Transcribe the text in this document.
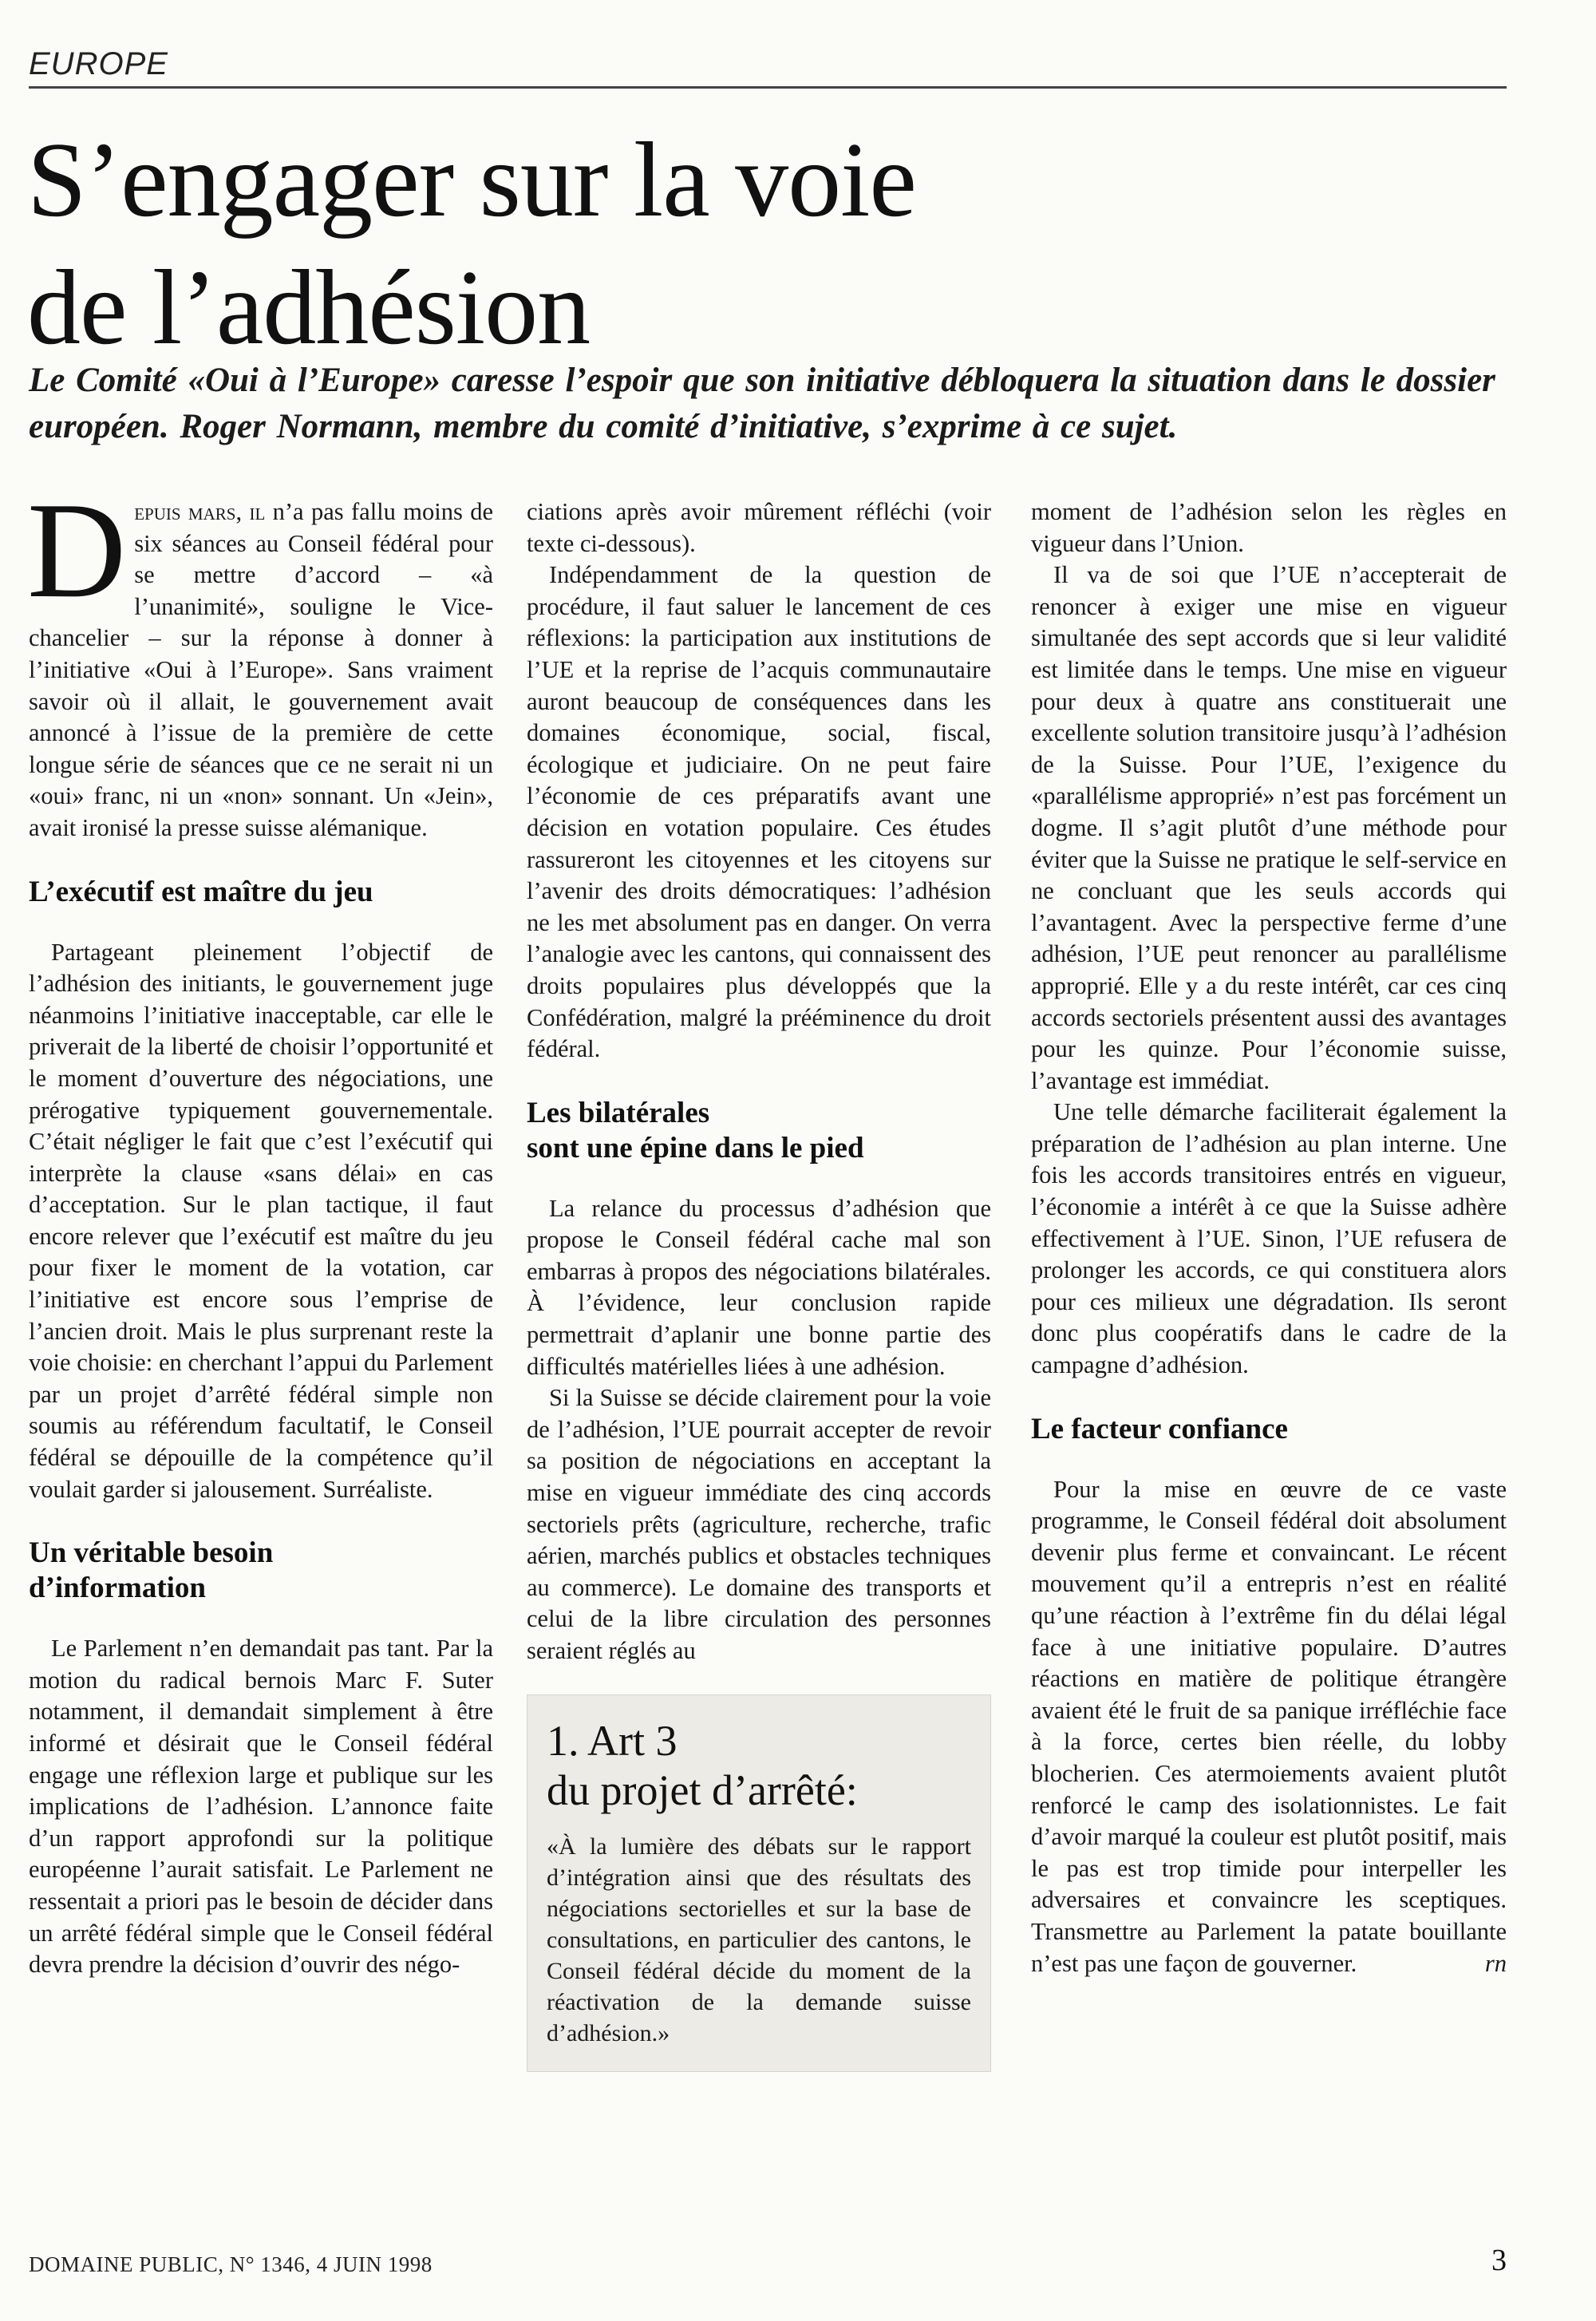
EUROPE
S’engager sur la voie
de l’adhésion

Le Comité «Oui à l’Europe» caresse l’espoir que son initiative débloquera la situation dans le dossier européen. Roger Normann, membre du comité d’initiative, s’exprime à ce sujet.

Depuis mars, il n’a pas fallu moins de six séances au Conseil fédéral pour se mettre d’accord – «à l’unanimité», souligne le Vice-chancelier – sur la réponse à donner à l’initiative «Oui à l’Europe». Sans vraiment savoir où il allait, le gouvernement avait annoncé à l’issue de la première de cette longue série de séances que ce ne serait ni un «oui» franc, ni un «non» sonnant. Un «Jein», avait ironisé la presse suisse alémanique.

L’exécutif est maître du jeu

Partageant pleinement l’objectif de l’adhésion des initiants, le gouvernement juge néanmoins l’initiative inacceptable, car elle le priverait de la liberté de choisir l’opportunité et le moment d’ouverture des négociations, une prérogative typiquement gouvernementale. C’était négliger le fait que c’est l’exécutif qui interprète la clause «sans délai» en cas d’acceptation. Sur le plan tactique, il faut encore relever que l’exécutif est maître du jeu pour fixer le moment de la votation, car l’initiative est encore sous l’emprise de l’ancien droit. Mais le plus surprenant reste la voie choisie: en cherchant l’appui du Parlement par un projet d’arrêté fédéral simple non soumis au référendum facultatif, le Conseil fédéral se dépouille de la compétence qu’il voulait garder si jalousement. Surréaliste.

Un véritable besoin
d’information

Le Parlement n’en demandait pas tant. Par la motion du radical bernois Marc F. Suter notamment, il demandait simplement à être informé et désirait que le Conseil fédéral engage une réflexion large et publique sur les implications de l’adhésion. L’annonce faite d’un rapport approfondi sur la politique européenne l’aurait satisfait. Le Parlement ne ressentait a priori pas le besoin de décider dans un arrêté fédéral simple que le Conseil fédéral devra prendre la décision d’ouvrir des négo-

ciations après avoir mûrement réfléchi (voir texte ci-dessous).

Indépendamment de la question de procédure, il faut saluer le lancement de ces réflexions: la participation aux institutions de l’UE et la reprise de l’acquis communautaire auront beaucoup de conséquences dans les domaines économique, social, fiscal, écologique et judiciaire. On ne peut faire l’économie de ces préparatifs avant une décision en votation populaire. Ces études rassureront les citoyennes et les citoyens sur l’avenir des droits démocratiques: l’adhésion ne les met absolument pas en danger. On verra l’analogie avec les cantons, qui connaissent des droits populaires plus développés que la Confédération, malgré la prééminence du droit fédéral.

Les bilatérales
sont une épine dans le pied

La relance du processus d’adhésion que propose le Conseil fédéral cache mal son embarras à propos des négociations bilatérales. À l’évidence, leur conclusion rapide permettrait d’aplanir une bonne partie des difficultés matérielles liées à une adhésion.

Si la Suisse se décide clairement pour la voie de l’adhésion, l’UE pourrait accepter de revoir sa position de négociations en acceptant la mise en vigueur immédiate des cinq accords sectoriels prêts (agriculture, recherche, trafic aérien, marchés publics et obstacles techniques au commerce). Le domaine des transports et celui de la libre circulation des personnes seraient réglés au

1. Art 3
du projet d’arrêté:
«À la lumière des débats sur le rapport d’intégration ainsi que des résultats des négociations sectorielles et sur la base de consultations, en particulier des cantons, le Conseil fédéral décide du moment de la réactivation de la demande suisse d’adhésion.»

moment de l’adhésion selon les règles en vigueur dans l’Union.

Il va de soi que l’UE n’accepterait de renoncer à exiger une mise en vigueur simultanée des sept accords que si leur validité est limitée dans le temps. Une mise en vigueur pour deux à quatre ans constituerait une excellente solution transitoire jusqu’à l’adhésion de la Suisse. Pour l’UE, l’exigence du «parallélisme approprié» n’est pas forcément un dogme. Il s’agit plutôt d’une méthode pour éviter que la Suisse ne pratique le self-service en ne concluant que les seuls accords qui l’avantagent. Avec la perspective ferme d’une adhésion, l’UE peut renoncer au parallélisme approprié. Elle y a du reste intérêt, car ces cinq accords sectoriels présentent aussi des avantages pour les quinze. Pour l’économie suisse, l’avantage est immédiat.

Une telle démarche faciliterait également la préparation de l’adhésion au plan interne. Une fois les accords transitoires entrés en vigueur, l’économie a intérêt à ce que la Suisse adhère effectivement à l’UE. Sinon, l’UE refusera de prolonger les accords, ce qui constituera alors pour ces milieux une dégradation. Ils seront donc plus coopératifs dans le cadre de la campagne d’adhésion.

Le facteur confiance

Pour la mise en œuvre de ce vaste programme, le Conseil fédéral doit absolument devenir plus ferme et convaincant. Le récent mouvement qu’il a entrepris n’est en réalité qu’une réaction à l’extrême fin du délai légal face à une initiative populaire. D’autres réactions en matière de politique étrangère avaient été le fruit de sa panique irréfléchie face à la force, certes bien réelle, du lobby blocherien. Ces atermoiements avaient plutôt renforcé le camp des isolationnistes. Le fait d’avoir marqué la couleur est plutôt positif, mais le pas est trop timide pour interpeller les adversaires et convaincre les sceptiques. Transmettre au Parlement la patate bouillante n’est pas une façon de gouverner.	rn

DOMAINE PUBLIC, N° 1346, 4 JUIN 1998	3
